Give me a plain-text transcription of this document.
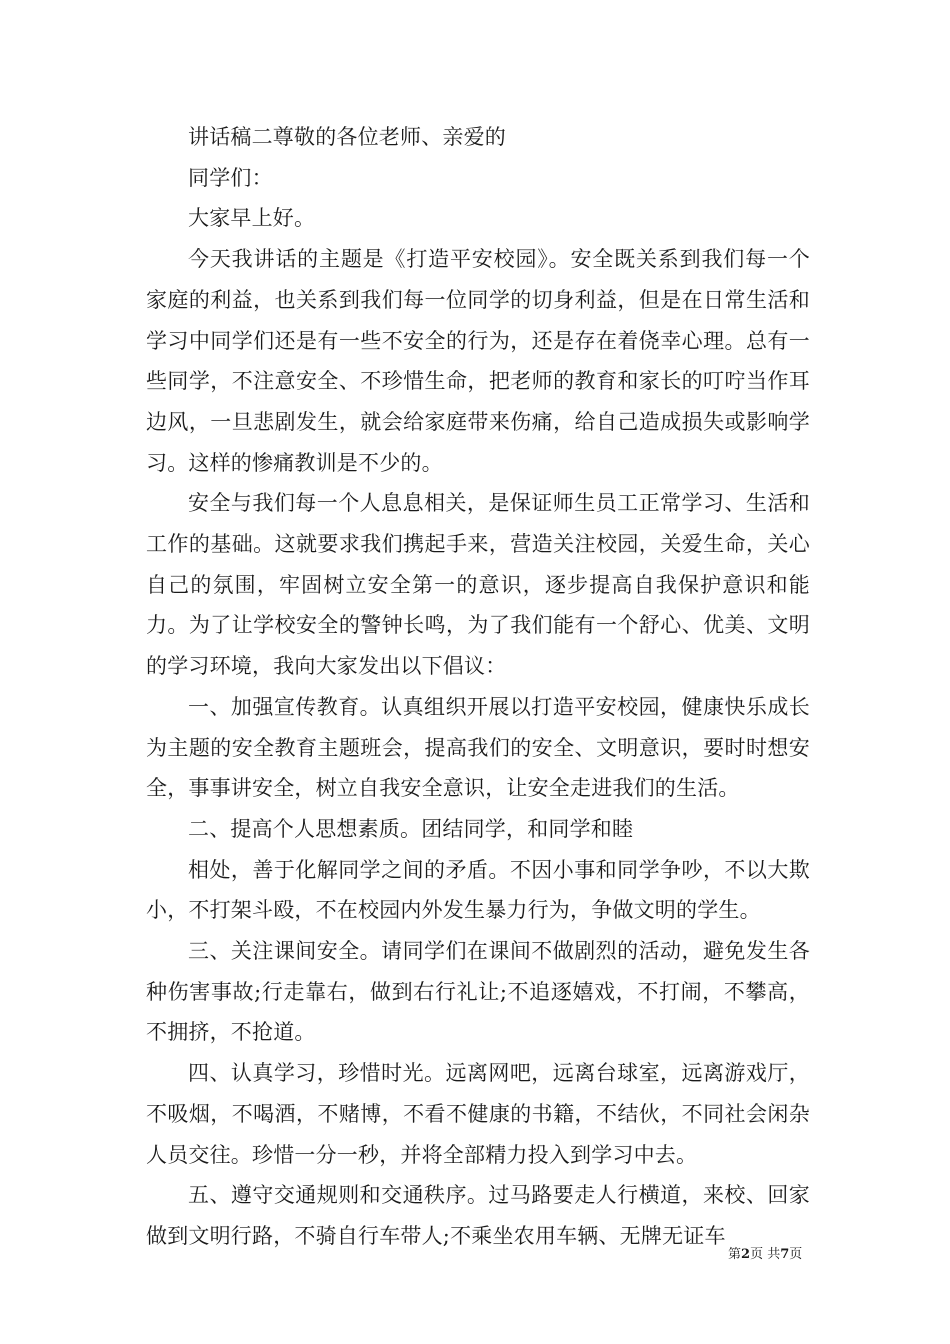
讲话稿二尊敬的各位老师、亲爱的

同学们：

大家早上好。

今天我讲话的主题是《打造平安校园》。安全既关系到我们每一个家庭的利益，也关系到我们每一位同学的切身利益，但是在日常生活和学习中同学们还是有一些不安全的行为，还是存在着侥幸心理。总有一些同学，不注意安全、不珍惜生命，把老师的教育和家长的叮咛当作耳边风，一旦悲剧发生，就会给家庭带来伤痛，给自己造成损失或影响学习。这样的惨痛教训是不少的。

安全与我们每一个人息息相关，是保证师生员工正常学习、生活和工作的基础。这就要求我们携起手来，营造关注校园，关爱生命，关心自己的氛围，牢固树立安全第一的意识，逐步提高自我保护意识和能力。为了让学校安全的警钟长鸣，为了我们能有一个舒心、优美、文明的学习环境，我向大家发出以下倡议：

一、加强宣传教育。认真组织开展以打造平安校园，健康快乐成长为主题的安全教育主题班会，提高我们的安全、文明意识，要时时想安全，事事讲安全，树立自我安全意识，让安全走进我们的生活。

二、提高个人思想素质。团结同学，和同学和睦

相处，善于化解同学之间的矛盾。不因小事和同学争吵，不以大欺小，不打架斗殴，不在校园内外发生暴力行为，争做文明的学生。

三、关注课间安全。请同学们在课间不做剧烈的活动，避免发生各种伤害事故;行走靠右，做到右行礼让;不追逐嬉戏，不打闹，不攀高，不拥挤，不抢道。

四、认真学习，珍惜时光。远离网吧，远离台球室，远离游戏厅，不吸烟，不喝酒，不赌博，不看不健康的书籍，不结伙，不同社会闲杂人员交往。珍惜一分一秒，并将全部精力投入到学习中去。

五、遵守交通规则和交通秩序。过马路要走人行横道，来校、回家做到文明行路，不骑自行车带人;不乘坐农用车辆、无牌无证车

第2页 共7页
